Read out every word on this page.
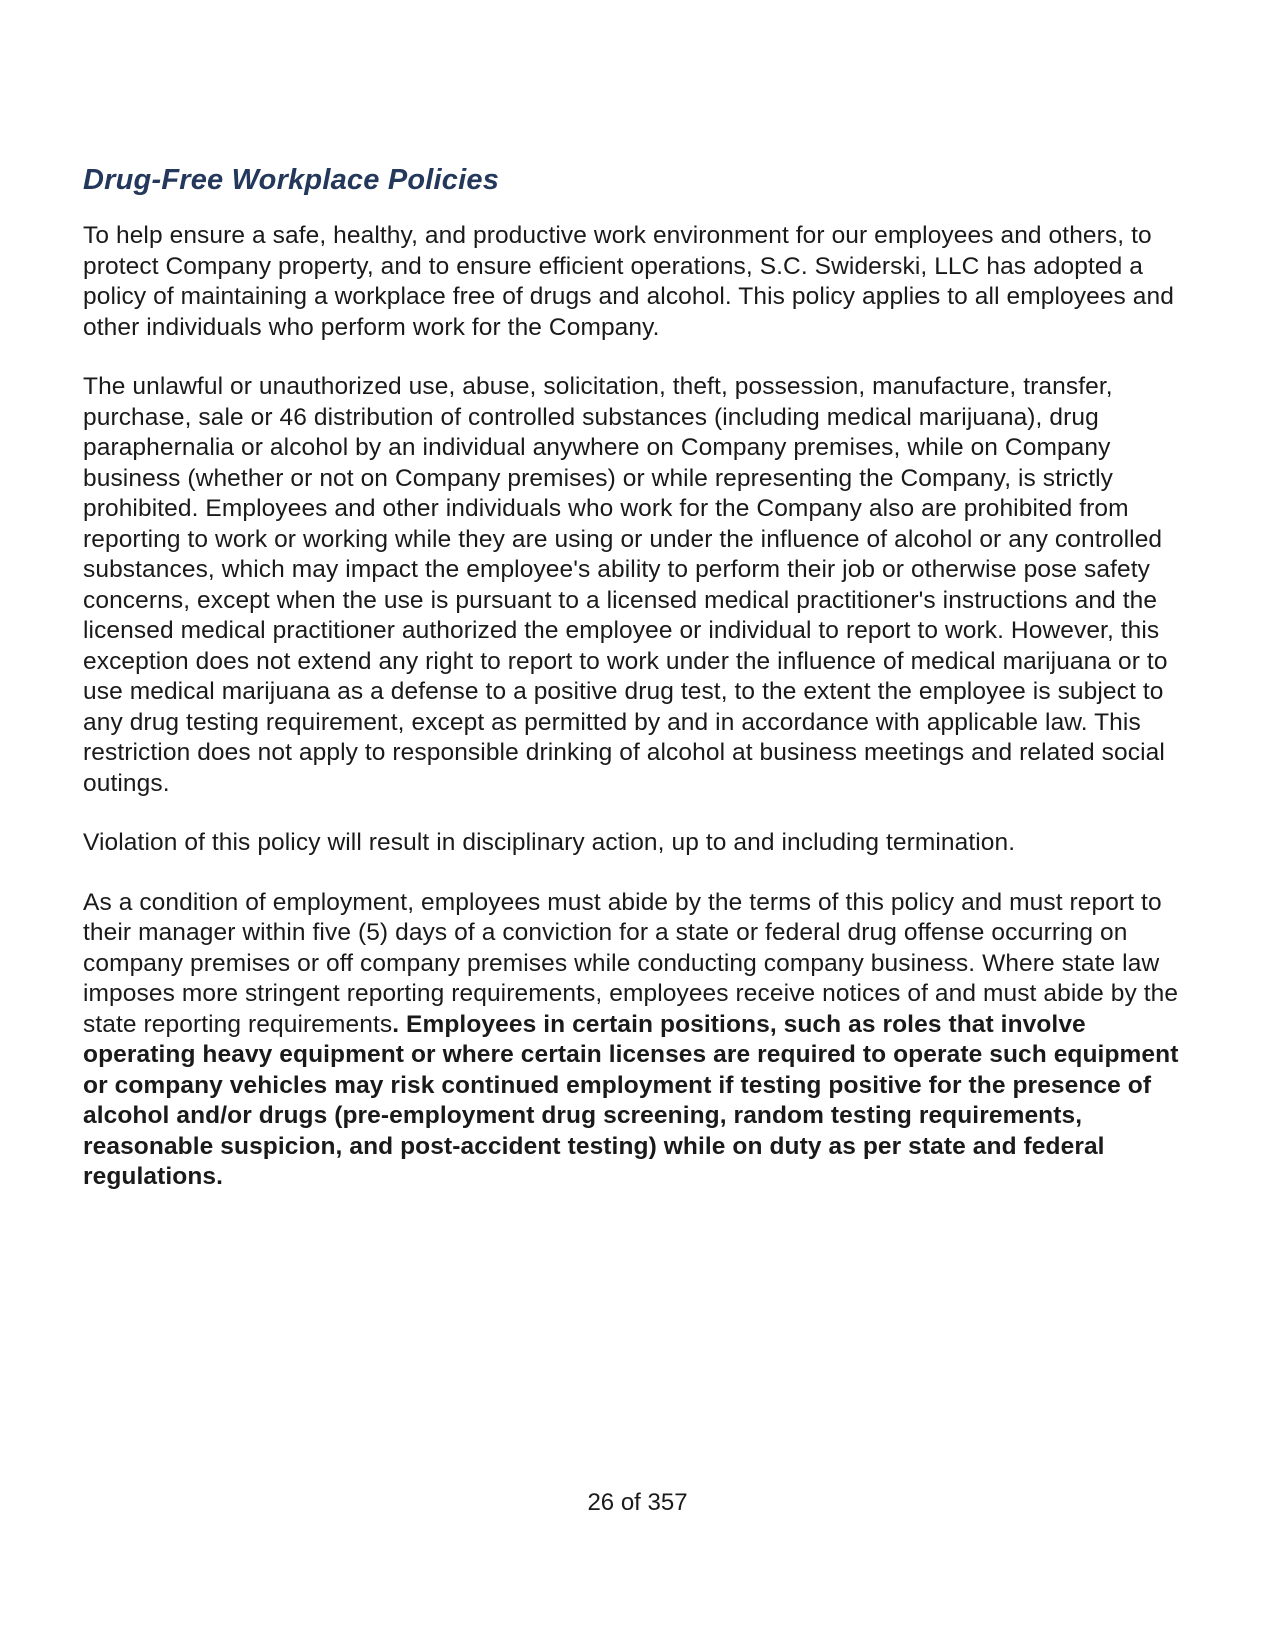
Drug-Free Workplace Policies

To help ensure a safe, healthy, and productive work environment for our employees and others, to protect Company property, and to ensure efficient operations, S.C. Swiderski, LLC has adopted a policy of maintaining a workplace free of drugs and alcohol. This policy applies to all employees and other individuals who perform work for the Company.

The unlawful or unauthorized use, abuse, solicitation, theft, possession, manufacture, transfer, purchase, sale or 46 distribution of controlled substances (including medical marijuana), drug paraphernalia or alcohol by an individual anywhere on Company premises, while on Company business (whether or not on Company premises) or while representing the Company, is strictly prohibited. Employees and other individuals who work for the Company also are prohibited from reporting to work or working while they are using or under the influence of alcohol or any controlled substances, which may impact the employee's ability to perform their job or otherwise pose safety concerns, except when the use is pursuant to a licensed medical practitioner's instructions and the licensed medical practitioner authorized the employee or individual to report to work. However, this exception does not extend any right to report to work under the influence of medical marijuana or to use medical marijuana as a defense to a positive drug test, to the extent the employee is subject to any drug testing requirement, except as permitted by and in accordance with applicable law. This restriction does not apply to responsible drinking of alcohol at business meetings and related social outings.

Violation of this policy will result in disciplinary action, up to and including termination.

As a condition of employment, employees must abide by the terms of this policy and must report to their manager within five (5) days of a conviction for a state or federal drug offense occurring on company premises or off company premises while conducting company business. Where state law imposes more stringent reporting requirements, employees receive notices of and must abide by the state reporting requirements. Employees in certain positions, such as roles that involve operating heavy equipment or where certain licenses are required to operate such equipment or company vehicles may risk continued employment if testing positive for the presence of alcohol and/or drugs (pre-employment drug screening, random testing requirements, reasonable suspicion, and post-accident testing) while on duty as per state and federal regulations.

26 of 357
